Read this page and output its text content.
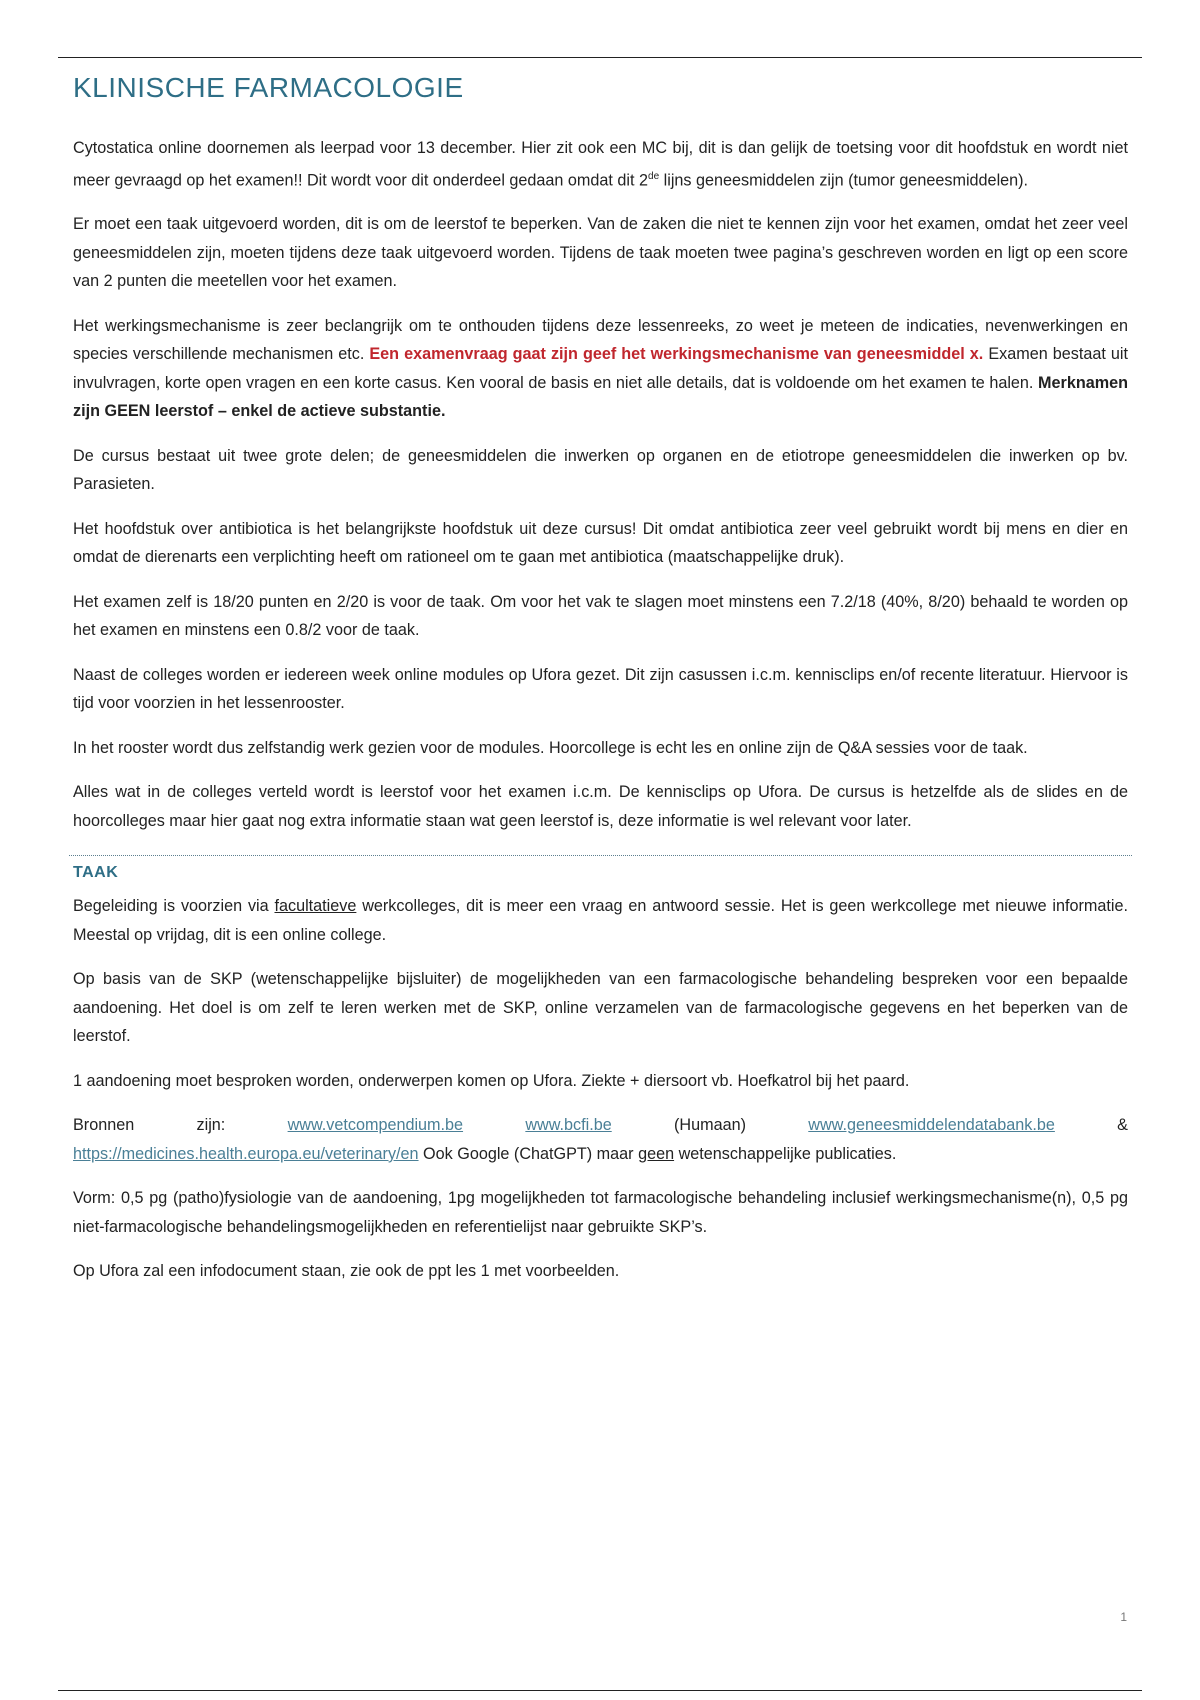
KLINISCHE FARMACOLOGIE

Cytostatica online doornemen als leerpad voor 13 december. Hier zit ook een MC bij, dit is dan gelijk de toetsing voor dit hoofdstuk en wordt niet meer gevraagd op het examen!! Dit wordt voor dit onderdeel gedaan omdat dit 2de lijns geneesmiddelen zijn (tumor geneesmiddelen).

Er moet een taak uitgevoerd worden, dit is om de leerstof te beperken. Van de zaken die niet te kennen zijn voor het examen, omdat het zeer veel geneesmiddelen zijn, moeten tijdens deze taak uitgevoerd worden. Tijdens de taak moeten twee pagina’s geschreven worden en ligt op een score van 2 punten die meetellen voor het examen.

Het werkingsmechanisme is zeer beclangrijk om te onthouden tijdens deze lessenreeks, zo weet je meteen de indicaties, nevenwerkingen en species verschillende mechanismen etc. Een examenvraag gaat zijn geef het werkingsmechanisme van geneesmiddel x. Examen bestaat uit invulvragen, korte open vragen en een korte casus. Ken vooral de basis en niet alle details, dat is voldoende om het examen te halen. Merknamen zijn GEEN leerstof – enkel de actieve substantie.

De cursus bestaat uit twee grote delen; de geneesmiddelen die inwerken op organen en de etiotrope geneesmiddelen die inwerken op bv. Parasieten.

Het hoofdstuk over antibiotica is het belangrijkste hoofdstuk uit deze cursus! Dit omdat antibiotica zeer veel gebruikt wordt bij mens en dier en omdat de dierenarts een verplichting heeft om rationeel om te gaan met antibiotica (maatschappelijke druk).

Het examen zelf is 18/20 punten en 2/20 is voor de taak. Om voor het vak te slagen moet minstens een 7.2/18 (40%, 8/20) behaald te worden op het examen en minstens een 0.8/2 voor de taak.

Naast de colleges worden er iedereen week online modules op Ufora gezet. Dit zijn casussen i.c.m. kennisclips en/of recente literatuur. Hiervoor is tijd voor voorzien in het lessenrooster.

In het rooster wordt dus zelfstandig werk gezien voor de modules. Hoorcollege is echt les en online zijn de Q&A sessies voor de taak.

Alles wat in de colleges verteld wordt is leerstof voor het examen i.c.m. De kennisclips op Ufora. De cursus is hetzelfde als de slides en de hoorcolleges maar hier gaat nog extra informatie staan wat geen leerstof is, deze informatie is wel relevant voor later.

TAAK

Begeleiding is voorzien via facultatieve werkcolleges, dit is meer een vraag en antwoord sessie. Het is geen werkcollege met nieuwe informatie. Meestal op vrijdag, dit is een online college.

Op basis van de SKP (wetenschappelijke bijsluiter) de mogelijkheden van een farmacologische behandeling bespreken voor een bepaalde aandoening. Het doel is om zelf te leren werken met de SKP, online verzamelen van de farmacologische gegevens en het beperken van de leerstof.

1 aandoening moet besproken worden, onderwerpen komen op Ufora. Ziekte + diersoort vb. Hoefkatrol bij het paard.

Bronnen	zijn:	www.vetcompendium.be	www.bcfi.be	(Humaan)	www.geneesmiddelendatabank.be	&
https://medicines.health.europa.eu/veterinary/en Ook Google (ChatGPT) maar geen wetenschappelijke publicaties.

Vorm: 0,5 pg (patho)fysiologie van de aandoening, 1pg mogelijkheden tot farmacologische behandeling inclusief werkingsmechanisme(n), 0,5 pg niet-farmacologische behandelingsmogelijkheden en referentielijst naar gebruikte SKP’s.

Op Ufora zal een infodocument staan, zie ook de ppt les 1 met voorbeelden.

1
